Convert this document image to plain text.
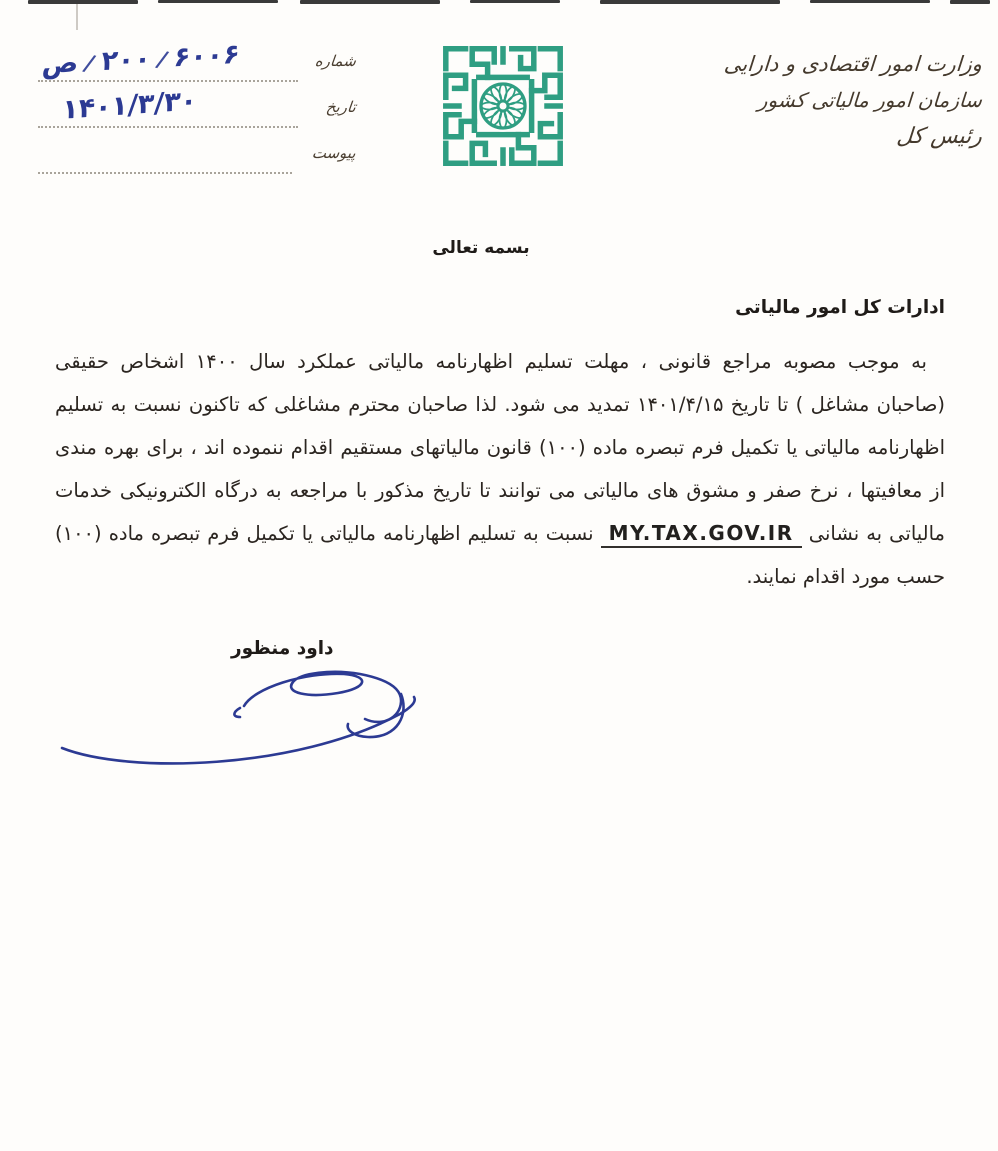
وزارت امور اقتصادی و دارایی
سازمان امور مالیاتی کشور
رئیس کل
شماره
تاریخ
پیوست
ص / ۲۰۰ / ۶۰۰۶
۱۴۰۱/۳/۳۰
بسمه تعالی
ادارات کل امور مالیاتی
به موجب مصوبه مراجع قانونی ، مهلت تسلیم اظهارنامه مالیاتی عملکرد سال ۱۴۰۰ اشخاص حقیقی (صاحبان مشاغل ) تا تاریخ ۱۴۰۱/۴/۱۵ تمدید می شود. لذا صاحبان محترم مشاغلی که تاکنون نسبت به تسلیم اظهارنامه مالیاتی یا تکمیل فرم تبصره ماده (۱۰۰) قانون مالیاتهای مستقیم اقدام ننموده اند ، برای بهره مندی از معافیتها ، نرخ صفر و مشوق های مالیاتی می توانند تا تاریخ مذکور با مراجعه به درگاه الکترونیکی خدمات مالیاتی به نشانی MY.TAX.GOV.IR نسبت به تسلیم اظهارنامه مالیاتی یا تکمیل فرم تبصره ماده (۱۰۰) حسب مورد اقدام نمایند.
داود منظور
